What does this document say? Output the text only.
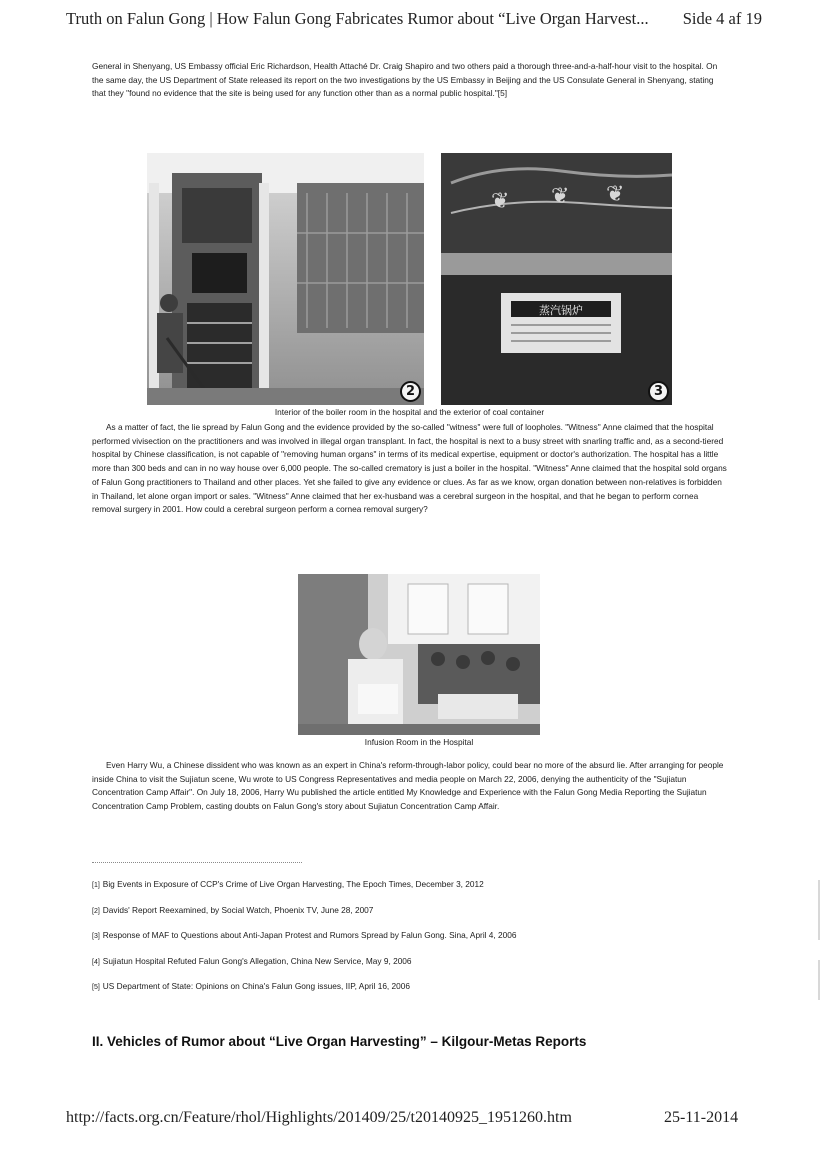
Truth on Falun Gong | How Falun Gong Fabricates Rumor about “Live Organ Harvest... Side 4 af 19
General in Shenyang, US Embassy official Eric Richardson, Health Attaché Dr. Craig Shapiro and two others paid a thorough three-and-a-half-hour visit to the hospital. On the same day, the US Department of State released its report on the two investigations by the US Embassy in Beijing and the US Consulate General in Shenyang, stating that they "found no evidence that the site is being used for any function other than as a normal public hospital."[5]
2
❦ ❦ ❦
蒸汽锅炉
3
Interior of the boiler room in the hospital and the exterior of coal container
As a matter of fact, the lie spread by Falun Gong and the evidence provided by the so-called "witness" were full of loopholes. "Witness" Anne claimed that the hospital performed vivisection on the practitioners and was involved in illegal organ transplant. In fact, the hospital is next to a busy street with snarling traffic and, as a second-tiered hospital by Chinese classification, is not capable of "removing human organs" in terms of its medical expertise, equipment or doctor's authorization. The hospital has a little more than 300 beds and can in no way house over 6,000 people. The so-called crematory is just a boiler in the hospital. "Witness" Anne claimed that the hospital sold organs of Falun Gong practitioners to Thailand and other places. Yet she failed to give any evidence or clues. As far as we know, organ donation between non-relatives is forbidden in Thailand, let alone organ import or sales. "Witness" Anne claimed that her ex-husband was a cerebral surgeon in the hospital, and that he began to perform cornea removal surgery in 2001. How could a cerebral surgeon perform a cornea removal surgery?
Infusion Room in the Hospital
Even Harry Wu, a Chinese dissident who was known as an expert in China's reform-through-labor policy, could bear no more of the absurd lie. After arranging for people inside China to visit the Sujiatun scene, Wu wrote to US Congress Representatives and media people on March 22, 2006, denying the authenticity of the "Sujiatun Concentration Camp Affair". On July 18, 2006, Harry Wu published the article entitled My Knowledge and Experience with the Falun Gong Media Reporting the Sujiatun Concentration Camp Problem, casting doubts on Falun Gong's story about Sujiatun Concentration Camp Affair.
[1] Big Events in Exposure of CCP's Crime of Live Organ Harvesting, The Epoch Times, December 3, 2012
[2] Davids' Report Reexamined, by Social Watch, Phoenix TV, June 28, 2007
[3] Response of MAF to Questions about Anti-Japan Protest and Rumors Spread by Falun Gong. Sina, April 4, 2006
[4] Sujiatun Hospital Refuted Falun Gong's Allegation, China New Service, May 9, 2006
[5] US Department of State: Opinions on China's Falun Gong issues, IIP, April 16, 2006
II. Vehicles of Rumor about “Live Organ Harvesting” – Kilgour-Metas Reports
http://facts.org.cn/Feature/rhol/Highlights/201409/25/t20140925_1951260.htm	25-11-2014
